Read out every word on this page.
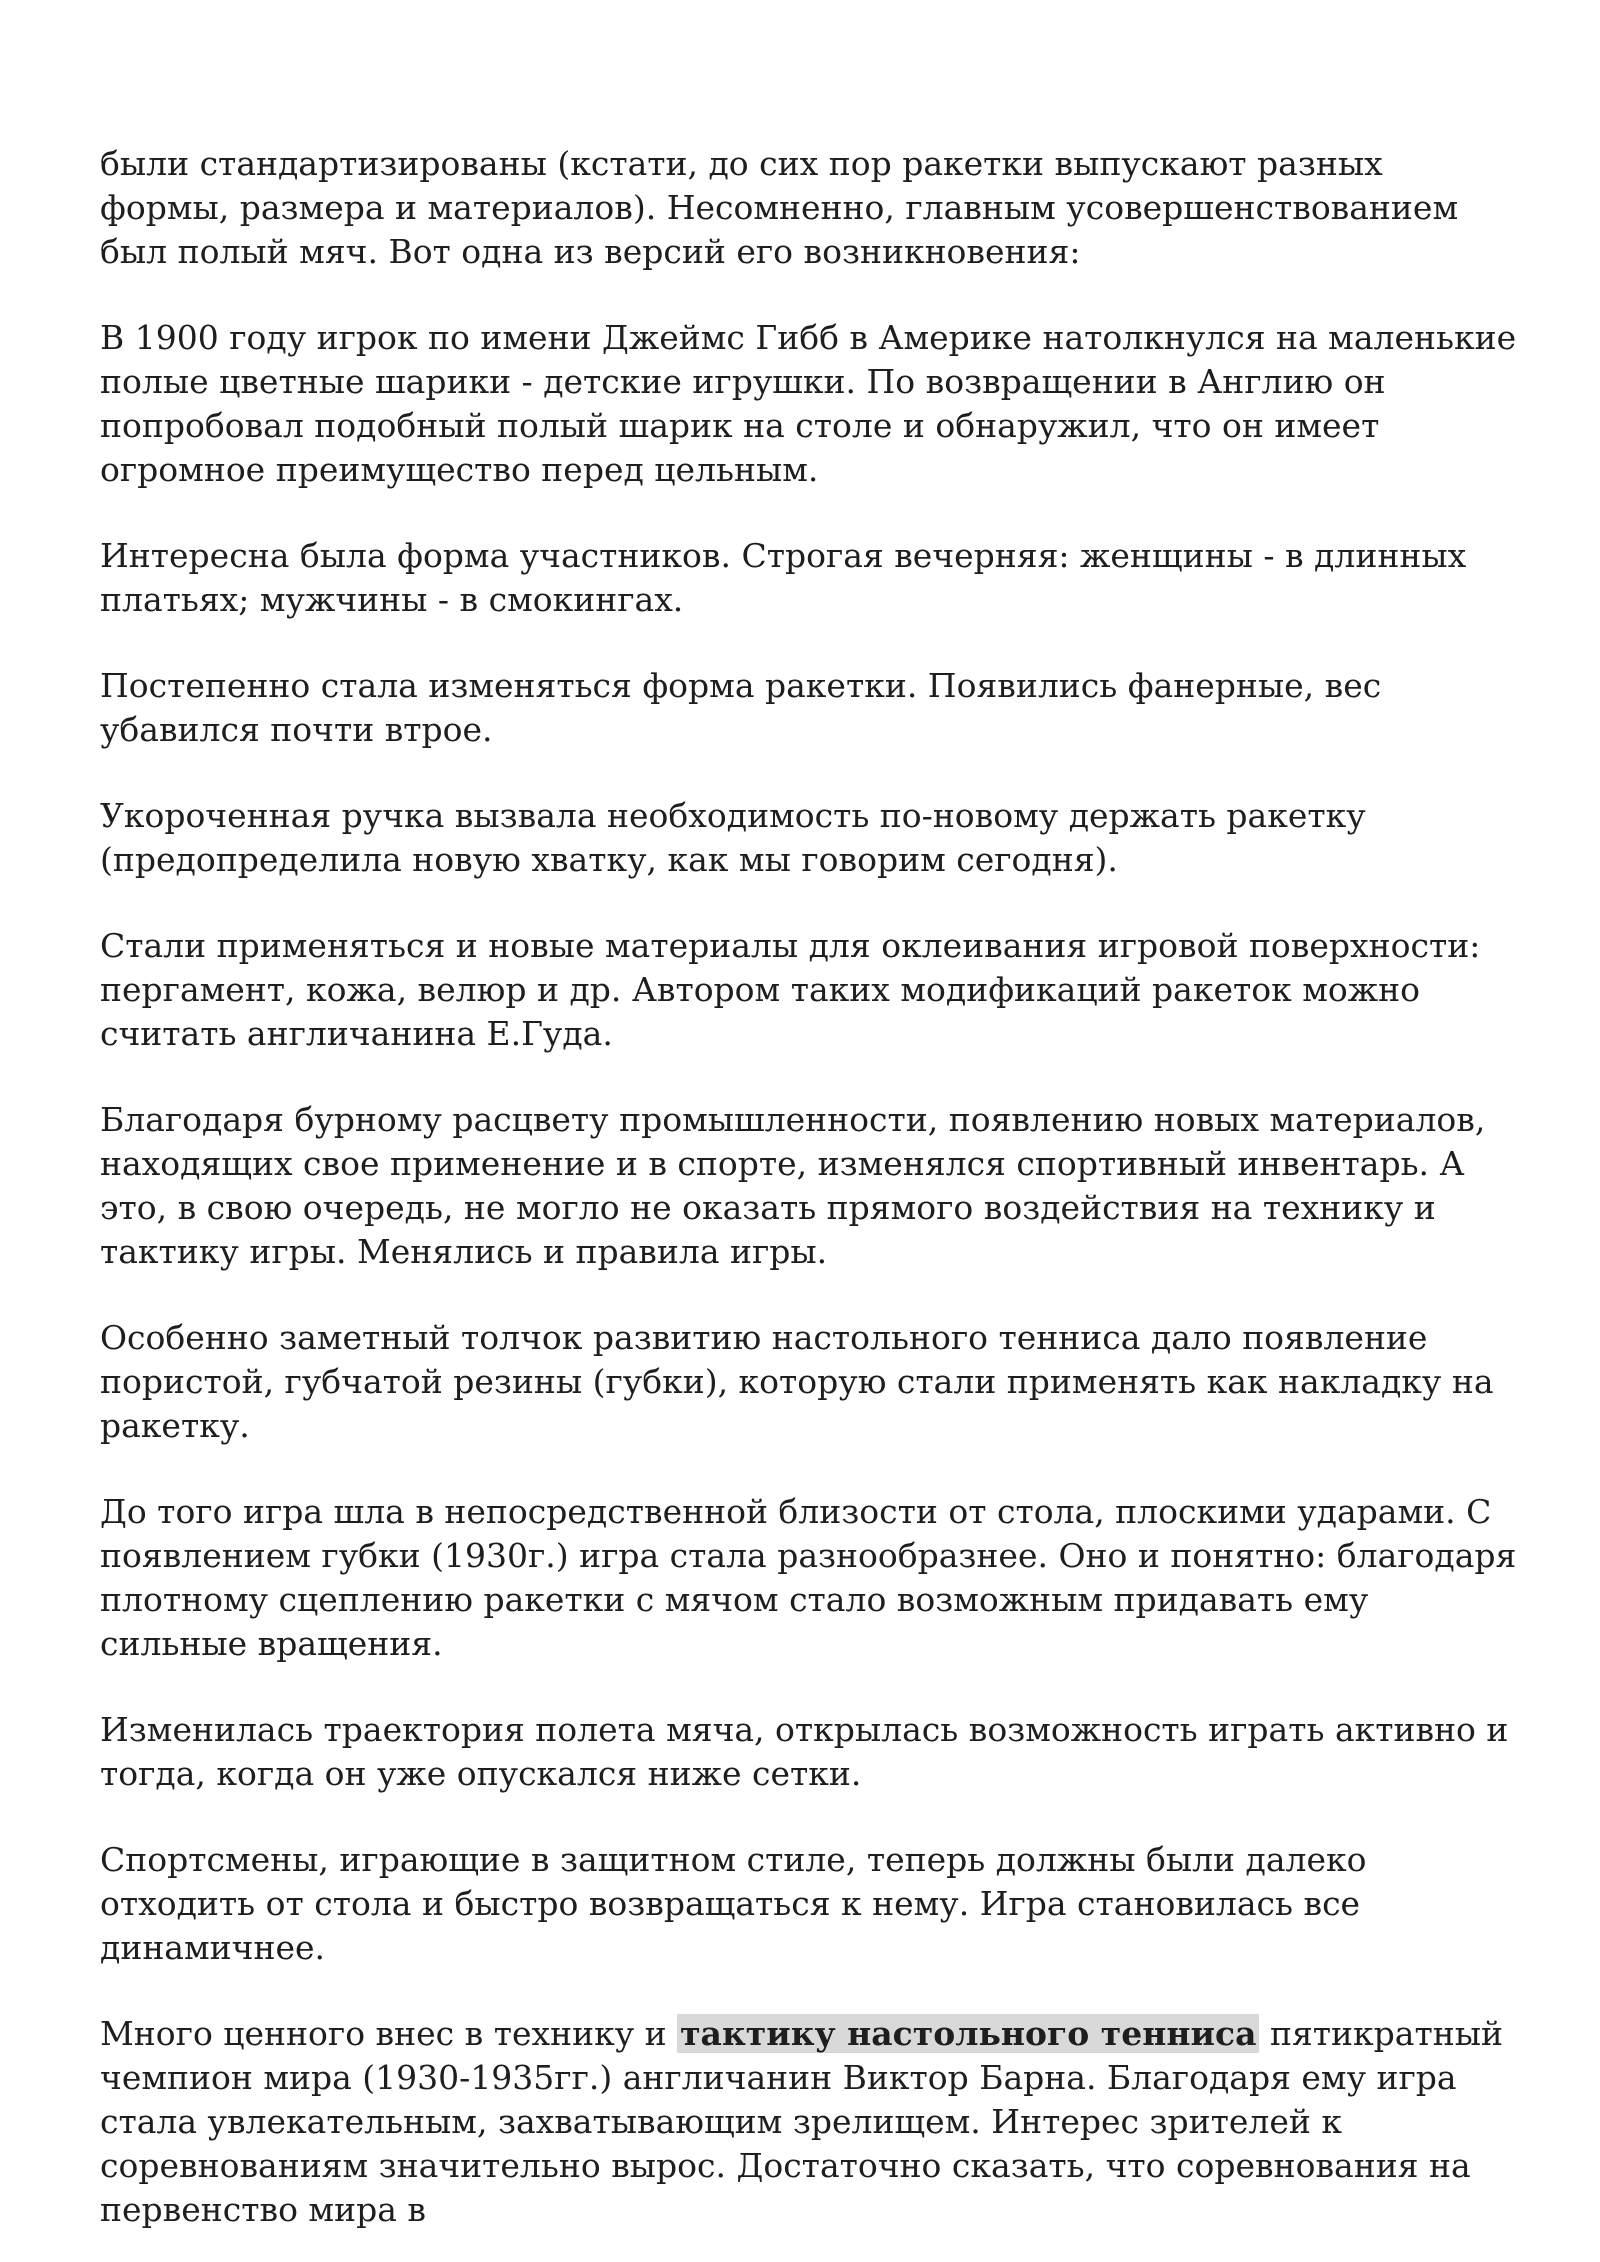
были стандартизированы (кстати, до сих пор ракетки выпускают разных формы, размера и материалов). Несомненно, главным усовершенствованием был полый мяч. Вот одна из версий его возникновения:

В 1900 году игрок по имени Джеймс Гибб в Америке натолкнулся на маленькие полые цветные шарики - детские игрушки. По возвращении в Англию он попробовал подобный полый шарик на столе и обнаружил, что он имеет огромное преимущество перед цельным.

Интересна была форма участников. Строгая вечерняя: женщины - в длинных платьях; мужчины - в смокингах.

Постепенно стала изменяться форма ракетки. Появились фанерные, вес убавился почти втрое.

Укороченная ручка вызвала необходимость по-новому держать ракетку (предопределила новую хватку, как мы говорим сегодня).

Стали применяться и новые материалы для оклеивания игровой поверхности: пергамент, кожа, велюр и др. Автором таких модификаций ракеток можно считать англичанина Е.Гуда.

Благодаря бурному расцвету промышленности, появлению новых материалов, находящих свое применение и в спорте, изменялся спортивный инвентарь. А это, в свою очередь, не могло не оказать прямого воздействия на технику и тактику игры. Менялись и правила игры.

Особенно заметный толчок развитию настольного тенниса дало появление пористой, губчатой резины (губки), которую стали применять как накладку на ракетку.

До того игра шла в непосредственной близости от стола, плоскими ударами. С появлением губки (1930г.) игра стала разнообразнее. Оно и понятно: благодаря плотному сцеплению ракетки с мячом стало возможным придавать ему сильные вращения.

Изменилась траектория полета мяча, открылась возможность играть активно и тогда, когда он уже опускался ниже сетки.

Спортсмены, играющие в защитном стиле, теперь должны были далеко отходить от стола и быстро возвращаться к нему. Игра становилась все динамичнее.

Много ценного внес в технику и тактику настольного тенниса пятикратный чемпион мира (1930-1935гг.) англичанин Виктор Барна. Благодаря ему игра стала увлекательным, захватывающим зрелищем. Интерес зрителей к соревнованиям значительно вырос. Достаточно сказать, что соревнования на первенство мира в
